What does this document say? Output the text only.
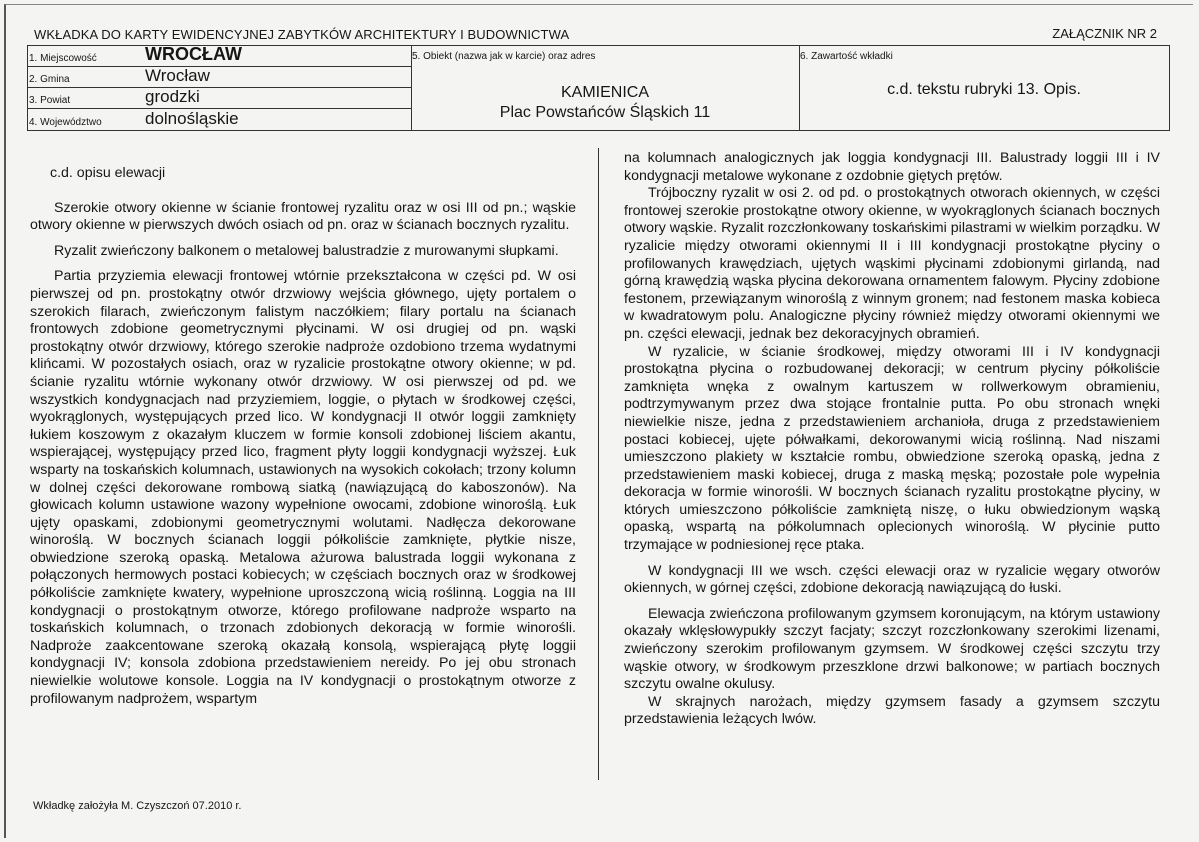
WKŁADKA DO KARTY EWIDENCYJNEJ ZABYTKÓW ARCHITEKTURY I BUDOWNICTWA	ZAŁĄCZNIK NR 2
1. Miejscowość	WROCŁAW
2. Gmina	Wrocław
3. Powiat	grodzki
4. Województwo	dolnośląskie
5. Obiekt (nazwa jak w karcie) oraz adres
KAMIENICA
Plac Powstańców Śląskich 11
6. Zawartość wkładki
c.d. tekstu rubryki 13. Opis.

c.d. opisu elewacji

Szerokie otwory okienne w ścianie frontowej ryzalitu oraz w osi III od pn.; wąskie otwory okienne w pierwszych dwóch osiach od pn. oraz w ścianach bocznych ryzalitu.

Ryzalit zwieńczony balkonem o metalowej balustradzie z murowanymi słupkami.

Partia przyziemia elewacji frontowej wtórnie przekształcona w części pd. W osi pierwszej od pn. prostokątny otwór drzwiowy wejścia głównego, ujęty portalem o szerokich filarach, zwieńczonym falistym naczółkiem; filary portalu na ścianach frontowych zdobione geometrycznymi płycinami. W osi drugiej od pn. wąski prostokątny otwór drzwiowy, którego szerokie nadproże ozdobiono trzema wydatnymi klińcami. W pozostałych osiach, oraz w ryzalicie prostokątne otwory okienne; w pd. ścianie ryzalitu wtórnie wykonany otwór drzwiowy. W osi pierwszej od pd. we wszystkich kondygnacjach nad przyziemiem, loggie, o płytach w środkowej części, wyokrąglonych, występujących przed lico. W kondygnacji II otwór loggii zamknięty łukiem koszowym z okazałym kluczem w formie konsoli zdobionej liściem akantu, wspierającej, występujący przed lico, fragment płyty loggii kondygnacji wyższej. Łuk wsparty na toskańskich kolumnach, ustawionych na wysokich cokołach; trzony kolumn w dolnej części dekorowane rombową siatką (nawiązującą do kaboszonów). Na głowicach kolumn ustawione wazony wypełnione owocami, zdobione winoroślą. Łuk ujęty opaskami, zdobionymi geometrycznymi wolutami. Nadłęcza dekorowane winoroślą. W bocznych ścianach loggii półkoliście zamknięte, płytkie nisze, obwiedzione szeroką opaską. Metalowa ażurowa balustrada loggii wykonana z połączonych hermowych postaci kobiecych; w częściach bocznych oraz w środkowej półkoliście zamknięte kwatery, wypełnione uproszczoną wicią roślinną. Loggia na III kondygnacji o prostokątnym otworze, którego profilowane nadproże wsparto na toskańskich kolumnach, o trzonach zdobionych dekoracją w formie winorośli. Nadproże zaakcentowane szeroką okazałą konsolą, wspierającą płytę loggii kondygnacji IV; konsola zdobiona przedstawieniem nereidy. Po jej obu stronach niewielkie wolutowe konsole. Loggia na IV kondygnacji o prostokątnym otworze z profilowanym nadprożem, wspartym

na kolumnach analogicznych jak loggia kondygnacji III. Balustrady loggii III i IV kondygnacji metalowe wykonane z ozdobnie giętych prętów.

Trójboczny ryzalit w osi 2. od pd. o prostokątnych otworach okiennych, w części frontowej szerokie prostokątne otwory okienne, w wyokrąglonych ścianach bocznych otwory wąskie. Ryzalit rozczłonkowany toskańskimi pilastrami w wielkim porządku. W ryzalicie między otworami okiennymi II i III kondygnacji prostokątne płyciny o profilowanych krawędziach, ujętych wąskimi płycinami zdobionymi girlandą, nad górną krawędzią wąska płycina dekorowana ornamentem falowym. Płyciny zdobione festonem, przewiązanym winoroślą z winnym gronem; nad festonem maska kobieca w kwadratowym polu. Analogiczne płyciny również między otworami okiennymi we pn. części elewacji, jednak bez dekoracyjnych obramień.

W ryzalicie, w ścianie środkowej, między otworami III i IV kondygnacji prostokątna płycina o rozbudowanej dekoracji; w centrum płyciny półkoliście zamknięta wnęka z owalnym kartuszem w rollwerkowym obramieniu, podtrzymywanym przez dwa stojące frontalnie putta. Po obu stronach wnęki niewielkie nisze, jedna z przedstawieniem archanioła, druga z przedstawieniem postaci kobiecej, ujęte półwałkami, dekorowanymi wicią roślinną. Nad niszami umieszczono plakiety w kształcie rombu, obwiedzione szeroką opaską, jedna z przedstawieniem maski kobiecej, druga z maską męską; pozostałe pole wypełnia dekoracja w formie winorośli. W bocznych ścianach ryzalitu prostokątne płyciny, w których umieszczono półkoliście zamkniętą niszę, o łuku obwiedzionym wąską opaską, wspartą na półkolumnach oplecionych winoroślą. W płycinie putto trzymające w podniesionej ręce ptaka.

W kondygnacji III we wsch. części elewacji oraz w ryzalicie węgary otworów okiennych, w górnej części, zdobione dekoracją nawiązującą do łuski.

Elewacja zwieńczona profilowanym gzymsem koronującym, na którym ustawiony okazały wklęsłowypukły szczyt facjaty; szczyt rozczłonkowany szerokimi lizenami, zwieńczony szerokim profilowanym gzymsem. W środkowej części szczytu trzy wąskie otwory, w środkowym przeszklone drzwi balkonowe; w partiach bocznych szczytu owalne okulusy.

W skrajnych narożach, między gzymsem fasady a gzymsem szczytu przedstawienia leżących lwów.

Wkładkę założyła M. Czyszczoń 07.2010 r.
